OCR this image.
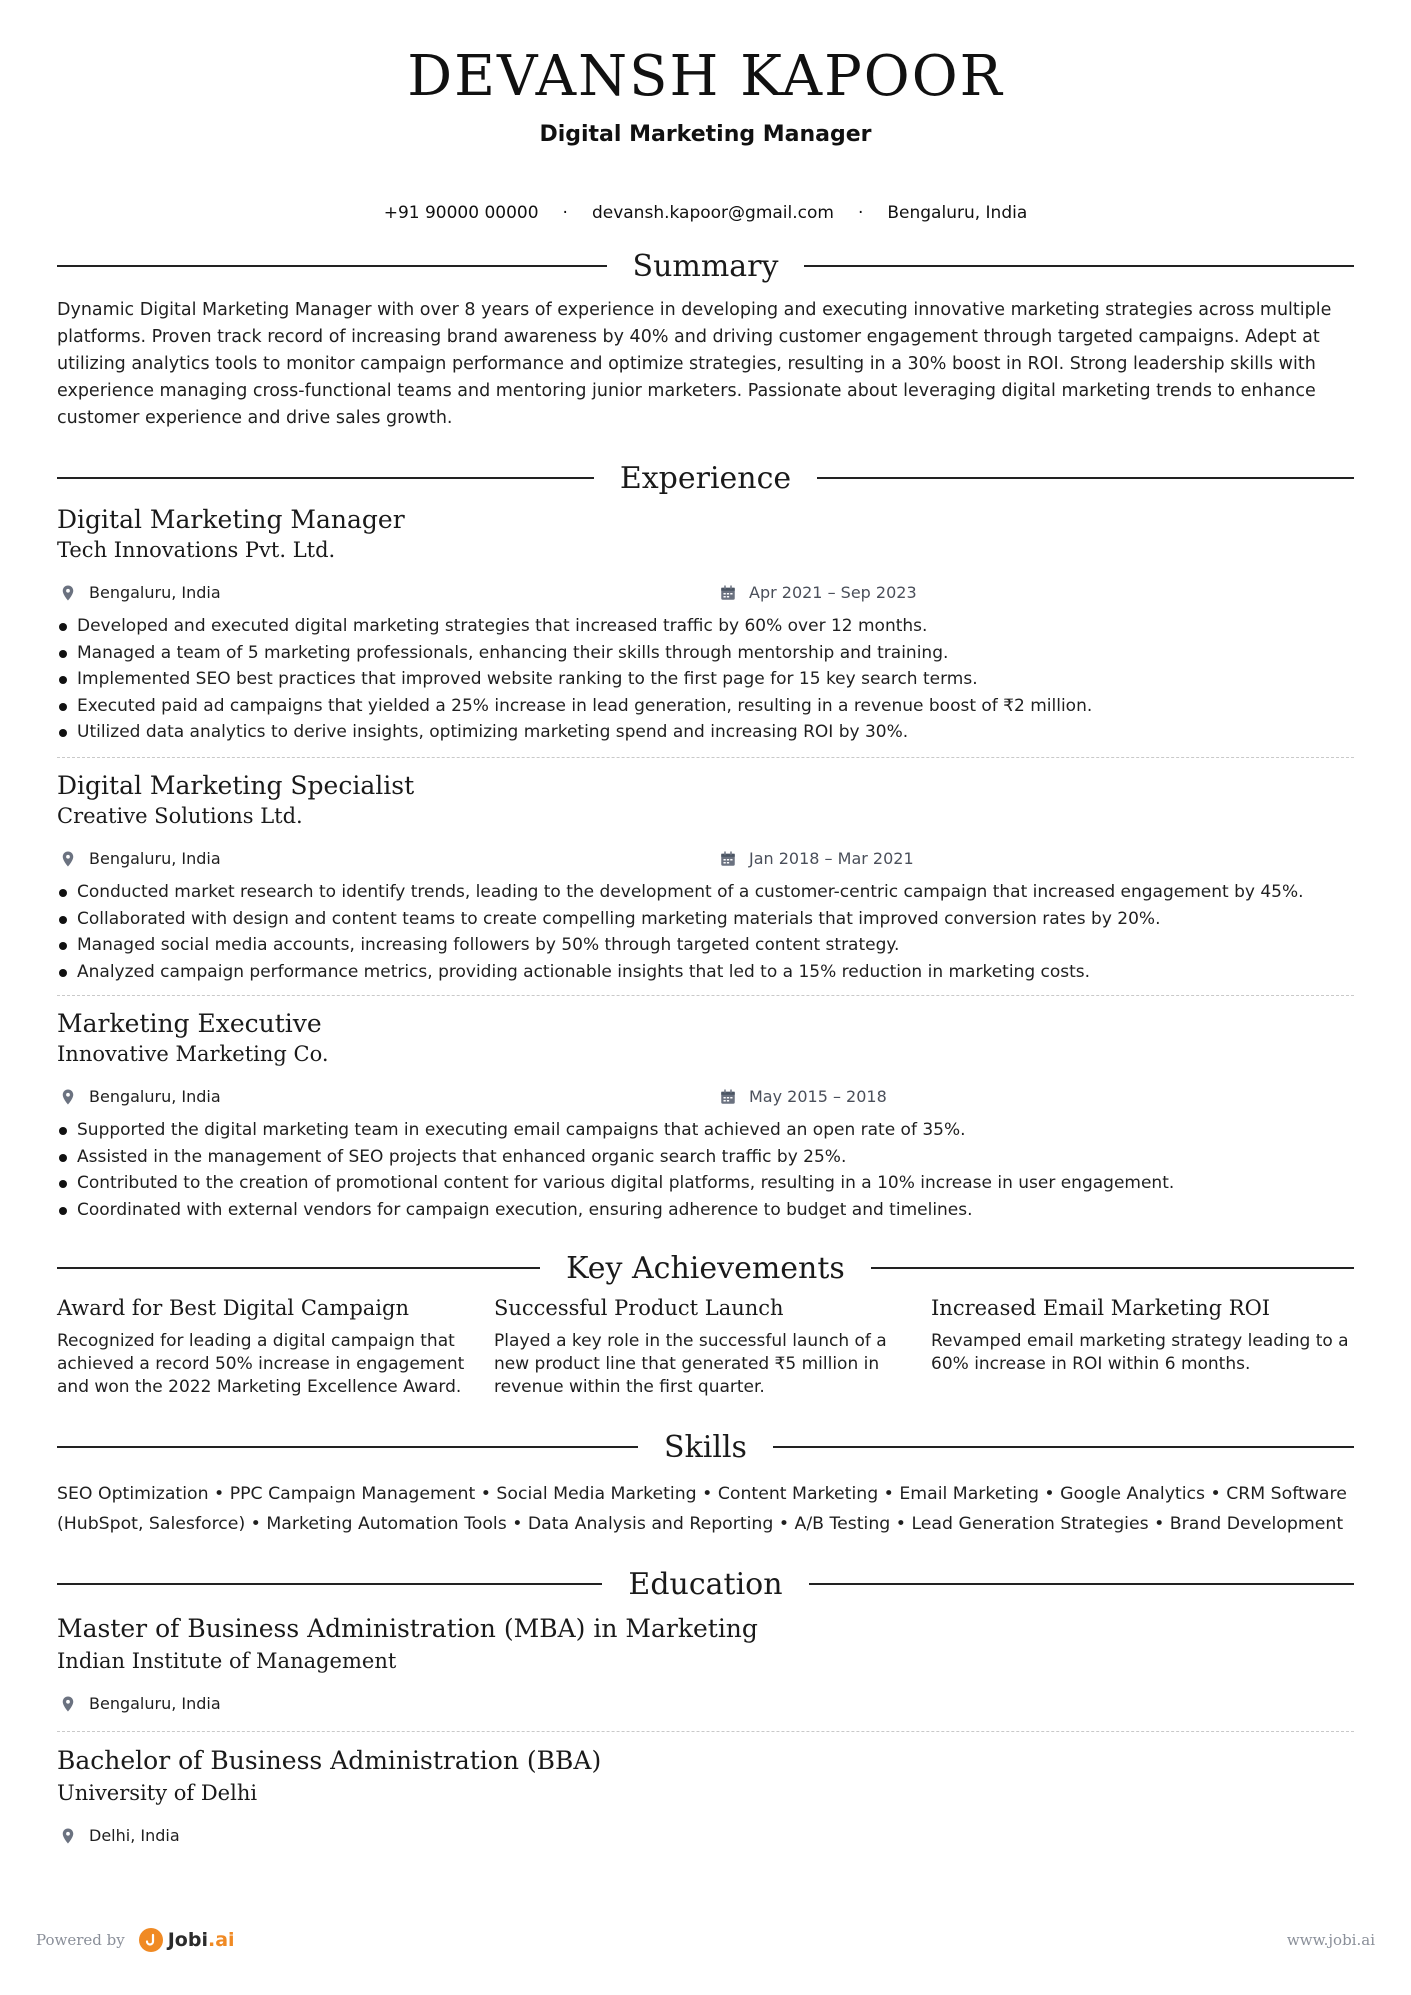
DEVANSH KAPOOR
Digital Marketing Manager
+91 90000 00000 · devansh.kapoor@gmail.com · Bengaluru, India
Summary

Dynamic Digital Marketing Manager with over 8 years of experience in developing and executing innovative marketing strategies across multiple platforms. Proven track record of increasing brand awareness by 40% and driving customer engagement through targeted campaigns. Adept at utilizing analytics tools to monitor campaign performance and optimize strategies, resulting in a 30% boost in ROI. Strong leadership skills with experience managing cross-functional teams and mentoring junior marketers. Passionate about leveraging digital marketing trends to enhance customer experience and drive sales growth.

Experience
Digital Marketing Manager
Tech Innovations Pvt. Ltd.
Bengaluru, India	Apr 2021 – Sep 2023
Developed and executed digital marketing strategies that increased traffic by 60% over 12 months.
Managed a team of 5 marketing professionals, enhancing their skills through mentorship and training.
Implemented SEO best practices that improved website ranking to the first page for 15 key search terms.
Executed paid ad campaigns that yielded a 25% increase in lead generation, resulting in a revenue boost of ₹2 million.
Utilized data analytics to derive insights, optimizing marketing spend and increasing ROI by 30%.
Digital Marketing Specialist
Creative Solutions Ltd.
Bengaluru, India	Jan 2018 – Mar 2021
Conducted market research to identify trends, leading to the development of a customer-centric campaign that increased engagement by 45%.
Collaborated with design and content teams to create compelling marketing materials that improved conversion rates by 20%.
Managed social media accounts, increasing followers by 50% through targeted content strategy.
Analyzed campaign performance metrics, providing actionable insights that led to a 15% reduction in marketing costs.
Marketing Executive
Innovative Marketing Co.
Bengaluru, India	May 2015 – 2018
Supported the digital marketing team in executing email campaigns that achieved an open rate of 35%.
Assisted in the management of SEO projects that enhanced organic search traffic by 25%.
Contributed to the creation of promotional content for various digital platforms, resulting in a 10% increase in user engagement.
Coordinated with external vendors for campaign execution, ensuring adherence to budget and timelines.
Key Achievements
Award for Best Digital Campaign
Recognized for leading a digital campaign that achieved a record 50% increase in engagement and won the 2022 Marketing Excellence Award.
Successful Product Launch
Played a key role in the successful launch of a new product line that generated ₹5 million in revenue within the first quarter.
Increased Email Marketing ROI
Revamped email marketing strategy leading to a 60% increase in ROI within 6 months.
Skills

SEO Optimization • PPC Campaign Management • Social Media Marketing • Content Marketing • Email Marketing • Google Analytics • CRM Software (HubSpot, Salesforce) • Marketing Automation Tools • Data Analysis and Reporting • A/B Testing • Lead Generation Strategies • Brand Development

Education
Master of Business Administration (MBA) in Marketing
Indian Institute of Management
Bengaluru, India
Bachelor of Business Administration (BBA)
University of Delhi
Delhi, India
Powered by Jobi.ai	www.jobi.ai
